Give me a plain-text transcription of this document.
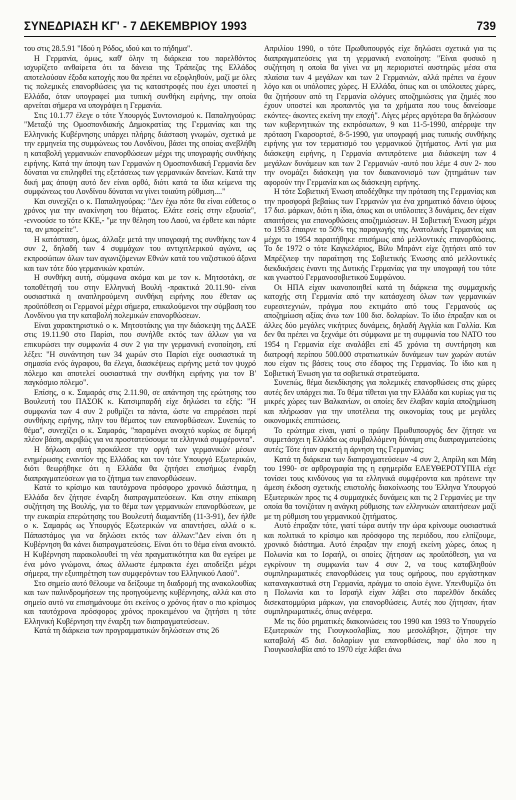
ΣΥΝΕΔΡΙΑΣΗ ΚΓ' - 7 ΔΕΚΕΜΒΡΙΟΥ 1993	739

του στις 28.5.91 "Ιδού η Ρόδος, ιδού και το πήδημα".

Η Γερμανία, όμως, καθ' όλην τη διάρκεια του παρελθόντος ισχυρίζετο ανθαίρετα ότι τα δάνεια της Τράπεζας της Ελλάδος αποτελούσαν έξοδα κατοχής που θα πρέπει να εξοφληθούν, μαζί με όλες τις πολεμικές επανορθώσεις για τις καταστροφές που έχει υποστεί η Ελλάδα, όταν υπογραφεί μια τυπική συνθήκη ειρήνης, την οποία αρνείται σήμερα να υπογράψει η Γερμανία.

Στις 10.1.77 έλεγε ο τότε Υπουργός Συντονισμού κ. Παπαληγούρας: "Μεταξύ της Ομοσπονδιακής Δημοκρατίας της Γερμανίας και της Ελληνικής Κυβέρνησης υπάρχει πλήρης διάσταση γνωμών, σχετικά με την ερμηνεία της συμφώνεως του Λονδίνου, βάσει της οποίας ανεβλήθη η καταβολή γερμανικών επανορθώσεων μέχρι της υπογραφής συνθήκης ειρήνης. Κατά την άποψη των Γερμανών η Ομοσπονδιακή Γερμανία δεν δύναται να επιληφθεί της εξετάσεως των γερμανικών δανείων. Κατά την δική μας άποψη αυτό δεν είναι ορθό, διότι κατά τα ίδια κείμενα της συμφώνεως του Λονδίνου δύναται να γίνει τοιαύτη ρύθμιση...."

Και συνεχίζει ο κ. Παπαληγούρας: "Δεν έχω πότε θα είναι εύθετος ο χρόνος για την ανακίνηση του θέματος. Ελάτε εσείς στην εξουσία", -εννοούσε το τότε ΚΚΕ,- "με την θέληση του Λαού, να έρθετε και πάρτε τα, αν μπορείτε".

Η κατάσταση, όμως, άλλαξε μετά την υπογραφή της συνθήκης των 4 συν 2, δηλαδή των 4 συμμάχων του αντιχιτλερικού αγώνα, ως εκπροσώπων όλων των αγωνιζόμενων Εθνών κατά του ναζιστικού άξονα και των τότε δύο γερμανικών κρατών.

Η συνθήκη αυτή, σύμφωνα ακόμα και με τον κ. Μητσοτάκη, σε τοποθέτησή του στην Ελληνική Βουλή -πρακτικά 20.11.90- είναι ουσιαστικά η αναπληρούμενη συνθήκη ειρήνης που έθεταν ως προϋπόθεση οι Γερμανοί μέχρι σήμερα, επικαλούμενοι την σύμβαση του Λονδίνου για την καταβολή πολεμικών επανορθώσεων.

Είναι χαρακτηριστικό ο κ. Μητσοτάκης για την διάσκεψη της ΔΑΣΕ στις 19.11.90 στο Παρίσι, που συνήλθε εκτός των άλλων για να επικυρώσει την συμφωνία 4 συν 2 για την γερμανική ενοποίηση, επί λέξει: "Η συνάντηση των 34 χωρών στο Παρίσι είχε ουσιαστικά τη σημασία ενός άγραφου, θα έλεγα, διασκέψεως ειρήνης μετά τον ψυχρό πόλεμο και αποτελεί ουσιαστικά την συνθήκη ειρήνης για τον Β' παγκόσμιο πόλεμο".

Επίσης, ο κ. Σαμαράς στις 2.11.90, σε απάντηση της ερώτησης του Βουλευτή του ΠΑΣΟΚ κ. Κατσιμπαρδή είχε δηλώσει τα εξής: "Η συμφωνία των 4 συν 2 ρυθμίζει τα πάντα, ώστε να επιρρέασει περί συνθήκης ειρήνης, πλην του θέματος των επανορθώσεων. Συνεπώς το θέμα", συνεχίζει ο κ. Σαμαράς, "παραμένει ανοιχτό κυρίως σε διμερή πλέον βάση, ακριβώς για να προστατεύσουμε τα ελληνικά συμφέροντα".

Η δήλωση αυτή προκάλεσε την οργή των γερμανικών μέσων ενημέρωσης εναντίον της Ελλάδας και τον τότε Υπουργό Εξωτερικών, διότι θεωρήθηκε ότι η Ελλάδα θα ζητήσει επισήμως έναρξη διαπραγματεύσεων για το ζήτημα των επανορθώσεων.

Κατά το κρίσιμο και ταυτόχρονα πρόσφορο χρονικό διάστημα, η Ελλάδα δεν ζήτησε έναρξη διαπραγματεύσεων. Και στην επίκαιρη συζήτηση της Βουλής, για το θέμα των γερμανικών επανορθώσεων, με την ευκαιρία επερώτησης του Βουλευτή διαμαντίδη (11-3-91), δεν ήλθε ο κ. Σαμαράς ως Υπουργός Εξωτερικών να απαντήσει, αλλά ο κ. Πάπαστάμος για να δηλώσει εκτός των άλλων:"Δεν είναι ότι η Κυβέρνηση θα κάνει διαπραγματεύσεις. Είναι ότι το θέμα είναι ανοικτό. Η Κυβέρνηση παρακολουθεί τη νέα πραγματικότητα και θα εγείρει με ένα μόνο γνώμονα, όπως άλλωστε έμπρακτα έχει αποδείξει μέχρι σήμερα, την εξυπηρέτηση των συμφερόντων του Ελληνικού Λαού".

Στο σημείο αυτό θέλουμε να δείξουμε τη διαδρομή της ανακολουθίας και των παλινδρομήσεων της προηγούμενης κυβέρνησης, αλλά και στο σημείο αυτό να επισημάνουμε ότι εκείνος ο χρόνος ήταν ο πιο κρίσιμος και ταυτόχρονα πρόσφορος χρόνος προκειμένου να ζητήσει η τότε Ελληνική Κυβέρνηση την έναρξη των διαπραγματεύσεων.

Κατά τη διάρκεια των προγραμματικών δηλώσεων στις 26

Απριλίου 1990, ο τότε Πρωθυπουργός είχε δηλώσει σχετικά για τις διαπραγματεύσεις για τη γερμανική ενοποίηση: "Είναι φυσικό η συζήτηση η οποία θα γίνει να μη περιοριστεί αυστηρώς μέσα στα πλαίσια των 4 μεγάλων και των 2 Γερμανιών, αλλά πρέπει να έχουν λόγο και οι υπόλοιπες χώρες. Η Ελλάδα, όπως και οι υπόλοιπες χώρες, θα ζητήσουν από τη Γερμανία ολόγυες αποζημιώσεις για ζημιές που έχουν υποστεί και προπαντός για τα χρήματα που τους δανείσαμε εκόντες- άκοντες εκείνη την εποχή". Λίγες μέρες αργότερα θα δηλώσουν των κυβερνητικών της εκπρόσωπων, 9 και 11-5-1990, απέρριψε την πρόταση Γκαρσορτσέ, 8-5-1990, για υπογραφή μιας τυπικής συνθήκης ειρήνης για τον τερματισμό του γερμανικού ζητήματος. Αντί για μια διάσκεψη ειρήνης, η Γερμανία αντιπρότεινε μια διάσκεψη των 4 μεγάλων δυνάμεων και των 2 Γερμανιών -αυτό που λέμε 4 συν 2- που την ονομάζει διάσκεψη για τον διακανονισμό των ζητημάτων των αφορούν την Γερμανία και ως διάσκεψη ειρήνης.

Η τότε Σοβιετική Ένωση αποδέχθηκε την πρόταση της Γερμανίας και την προσφορά βεβαίως των Γερμανών για ένα χρηματικό δάνειο ύψους 17 δισ. μάρκων, διότι η ίδια, όπως και οι υπόλοιπες 3 δυνάμεις, δεν είχαν απαιτήσεις για επανορθώσεις αποζημιώσεων. Η Σοβιετική Ένωση μέχρι το 1953 έπαιρνε το 50% της παραγωγής της Ανατολικής Γερμανίας και μέχρι το 1954 παραιτήθηκε επισήμως από μελλοντικές επανορθώσεις. Το δε 1972 ο τότε Καγκελάριος, Βίλυ Μπράντ είχε ζητήσει από τον Μπρέζνιεφ την παραίτηση της Σοβιετικής Ένωσης από μελλοντικές διεκδικήσεις έναντι της Δυτικής Γερμανίας για την υπογραφή του τότε και γνωστού Γερμανοσοβιετικού Συμφώνου.

Οι ΗΠΑ είχαν ικανοποιηθεί κατά τη διάρκεια της συμμαχικής κατοχής στη Γερμανία από την κατάσχεση όλων των γερμανικών ευρεσιτεχνιών, πράγμα που εκτιμάτο από τους Γερμανούς ως αποζημίωση αξίας άνω των 100 δισ. δολαρίων. Το ίδιο έπραξαν και οι άλλες δύο μεγάλες νικήτριες δυνάμεις, δηλαδή Αγγλία και Γαλλία. Και δεν θα πρέπει να ξεχνάμε ότι σύμφωνα με τη συμφωνία του ΝΑΤΟ του 1954 η Γερμανία είχε αναλάβει επί 45 χρόνια τη συντήρηση και διατροφή περίπου 500.000 στρατιωτικών δυνάμεων των χωρών αυτών που είχαν τις βάσεις τους στο έδαφος της Γερμανίας. Το ίδιο και η Σοβιετική Ένωση για τα σοβιετικά στρατεύματα.

Συνεπώς, θέμα διεκδίκησης για πολεμικές επανορθώσεις στις χώρες αυτές δεν υπάρχει πια. Το θέμα τίθεται για την Ελλάδα και κυρίως για τις μικρές χώρες των Βαλκανίων, οι οποίες δεν έλαβαν καμία αποζημίωση και πλήρωσαν για την υποτέλεια της οικονομίας τους με μεγάλες οικονομικές επιπτώσεις.

Το ερώτημα είναι, γιατί ο πρώην Πρωθυπουργός δεν ζήτησε να συμμετάσχει η Ελλάδα ως συμβαλλόμενη δύναμη στις διαπραγματεύσεις αυτές; Τότε ήταν αρκετή η άρνηση της Γερμανίας;

Κατά τη διάρκεια των διαπραγματεύσεων -4 συν 2, Απρίλη και Μάη του 1990- σε αρθρογραφία της η εφημερίδα ΕΛΕΥΘΕΡΟΤΥΠΙΑ είχε τονίσει τους κινδύνους για τα ελληνικά συμφέροντα και πρότεινε την άμεση έκδοση σχετικής επιστολής διακοίνωσης του Έλληνα Υπουργού Εξωτερικών προς τις 4 συμμαχικές δυνάμεις και τις 2 Γερμανίες με την οποία θα τονιζόταν η ανάγκη ρύθμισης των ελληνικών απαιτήσεων μαζί με τη ρύθμιση του γερμανικού ζητήματος.

Αυτό έπραξαν τότε, γιατί τώρα αυτήν την ώρα κρίνουμε ουσιαστικά και πολιτικά το κρίσιμο και πρόσφορο της περιόδου, που ελπίζουμε, χρονικό διάστημα. Αυτό έπραξαν την εποχή εκείνη χώρες, όπως η Πολωνία και το Ισραήλ, οι οποίες ζήτησαν ως προϋπόθεση, για να εγκρίνουν τη συμφωνία των 4 συν 2, να τους καταβληθούν συμπληρωματικές επανορθώσεις για τους ομήρους, που εργάστηκαν καταναγκαστικά στη Γερμανία, πράγμα το οποίο έγινε. Υπενθυμίζω ότι η Πολωνία και το Ισραήλ είχαν λάβει στο παρελθόν δεκάδες δισεκατομμύρια μάρκων, για επανορθώσεις. Αυτές που ζήτησαν, ήταν συμπληρωματικές, όπως ανέφερα.

Με τις δύο ρηματικές διακοινώσεις του 1990 και 1993 το Υπουργείο Εξωτερικών της Γιουγκοσλαβίας, που μεσολάβησε, ζήτησε την καταβολή 45 δισ. δολαρίων για επανορθώσεις, παρ' όλο που η Γιουγκοσλαβία από το 1970 είχε λάβει άνω
